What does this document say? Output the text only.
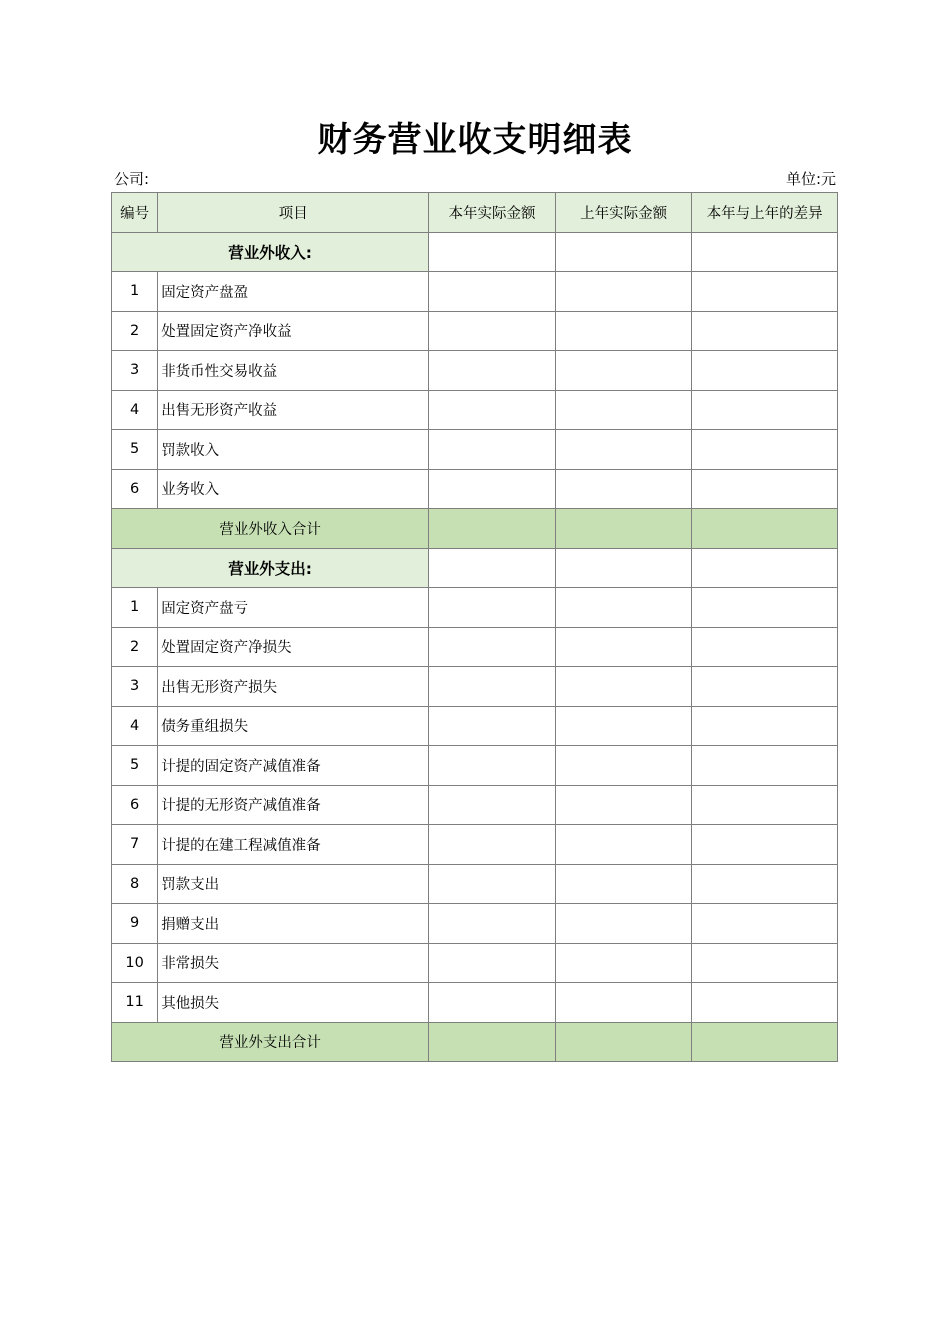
财务营业收支明细表
公司:	单位:元
编号	项目	本年实际金额	上年实际金额	本年与上年的差异
营业外收入:				
1	固定资产盘盈			
2	处置固定资产净收益			
3	非货币性交易收益			
4	出售无形资产收益			
5	罚款收入			
6	业务收入			
营业外收入合计				
营业外支出:				
1	固定资产盘亏			
2	处置固定资产净损失			
3	出售无形资产损失			
4	债务重组损失			
5	计提的固定资产减值准备			
6	计提的无形资产减值准备			
7	计提的在建工程减值准备			
8	罚款支出			
9	捐赠支出			
10	非常损失			
11	其他损失			
营业外支出合计				
